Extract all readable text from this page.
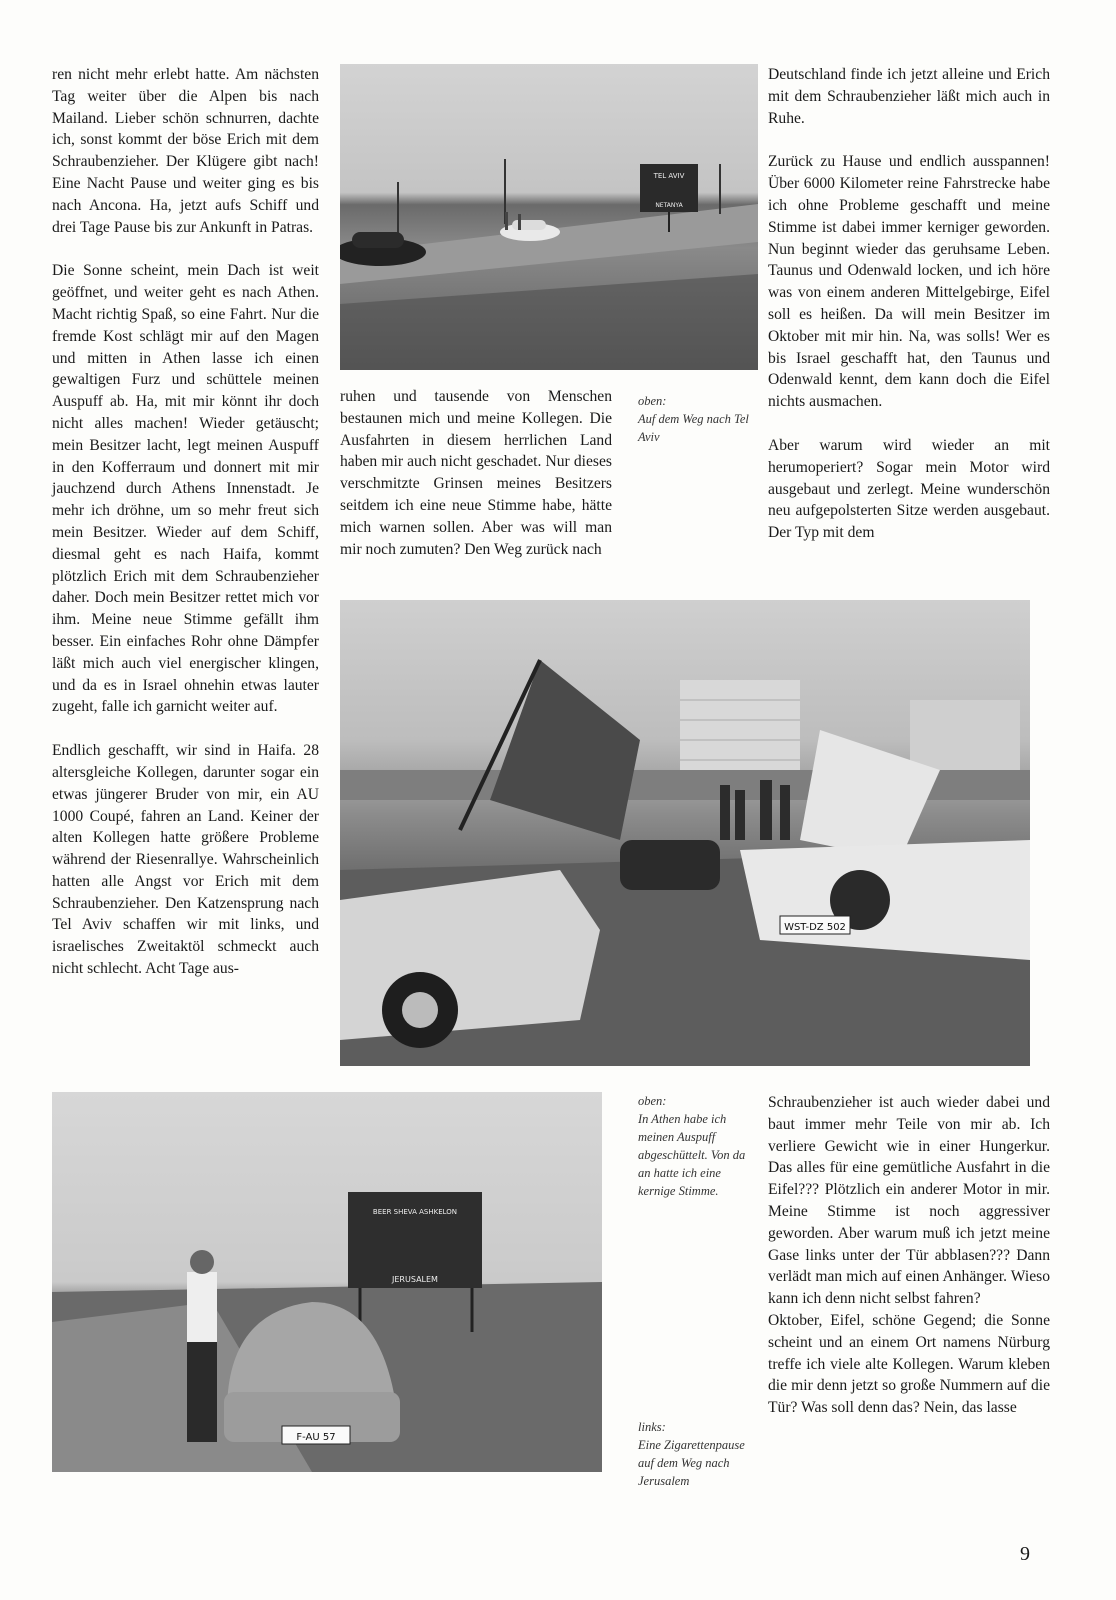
ren nicht mehr erlebt hatte. Am nächsten Tag weiter über die Alpen bis nach Mailand. Lieber schön schnurren, dachte ich, sonst kommt der böse Erich mit dem Schraubenzieher. Der Klügere gibt nach! Eine Nacht Pause und weiter ging es bis nach Ancona. Ha, jetzt aufs Schiff und drei Tage Pause bis zur Ankunft in Patras.

Die Sonne scheint, mein Dach ist weit geöffnet, und weiter geht es nach Athen. Macht richtig Spaß, so eine Fahrt. Nur die fremde Kost schlägt mir auf den Magen und mitten in Athen lasse ich einen gewaltigen Furz und schüttele meinen Auspuff ab. Ha, mit mir könnt ihr doch nicht alles machen! Wieder getäuscht; mein Besitzer lacht, legt meinen Auspuff in den Kofferraum und donnert mit mir jauchzend durch Athens Innenstadt. Je mehr ich dröhne, um so mehr freut sich mein Besitzer. Wieder auf dem Schiff, diesmal geht es nach Haifa, kommt plötzlich Erich mit dem Schraubenzieher daher. Doch mein Besitzer rettet mich vor ihm. Meine neue Stimme gefällt ihm besser. Ein einfaches Rohr ohne Dämpfer läßt mich auch viel energischer klingen, und da es in Israel ohnehin etwas lauter zugeht, falle ich garnicht weiter auf.

Endlich geschafft, wir sind in Haifa. 28 altersgleiche Kollegen, darunter sogar ein etwas jüngerer Bruder von mir, ein AU 1000 Coupé, fahren an Land. Keiner der alten Kollegen hatte größere Probleme während der Riesenrallye. Wahrscheinlich hatten alle Angst vor Erich mit dem Schraubenzieher. Den Katzensprung nach Tel Aviv schaffen wir mit links, und israelisches Zweitaktöl schmeckt auch nicht schlecht. Acht Tage aus-

ruhen und tausende von Menschen bestaunen mich und meine Kollegen. Die Ausfahrten in diesem herrlichen Land haben mir auch nicht geschadet. Nur dieses verschmitzte Grinsen meines Besitzers seitdem ich eine neue Stimme habe, hätte mich warnen sollen. Aber was will man mir noch zumuten? Den Weg zurück nach

Deutschland finde ich jetzt alleine und Erich mit dem Schraubenzieher läßt mich auch in Ruhe.

Zurück zu Hause und endlich ausspannen! Über 6000 Kilometer reine Fahrstrecke habe ich ohne Probleme geschafft und meine Stimme ist dabei immer kerniger geworden. Nun beginnt wieder das geruhsame Leben. Taunus und Odenwald locken, und ich höre was von einem anderen Mittelgebirge, Eifel soll es heißen. Da will mein Besitzer im Oktober mit mir hin. Na, was solls! Wer es bis Israel geschafft hat, den Taunus und Odenwald kennt, dem kann doch die Eifel nichts ausmachen.

Aber warum wird wieder an mit herumoperiert? Sogar mein Motor wird ausgebaut und zerlegt. Meine wunderschön neu aufgepolsterten Sitze werden ausgebaut. Der Typ mit dem

Schraubenzieher ist auch wieder dabei und baut immer mehr Teile von mir ab. Ich verliere Gewicht wie in einer Hungerkur. Das alles für eine gemütliche Ausfahrt in die Eifel??? Plötzlich ein anderer Motor in mir. Meine Stimme ist noch aggressiver geworden. Aber warum muß ich jetzt meine Gase links unter der Tür abblasen??? Dann verlädt man mich auf einen Anhänger. Wieso kann ich denn nicht selbst fahren?

Oktober, Eifel, schöne Gegend; die Sonne scheint und an einem Ort namens Nürburg treffe ich viele alte Kollegen. Warum kleben die mir denn jetzt so große Nummern auf die Tür? Was soll denn das? Nein, das lasse

oben:
Auf dem Weg nach Tel Aviv
oben:
In Athen habe ich meinen Auspuff abgeschüttelt. Von da an hatte ich eine kernige Stimme.
links:
Eine Zigarettenpause auf dem Weg nach Jerusalem
TEL AVIV
NETANYA
WST-DZ 502
BEER SHEVA ASHKELON
JERUSALEM
F-AU 57
9
